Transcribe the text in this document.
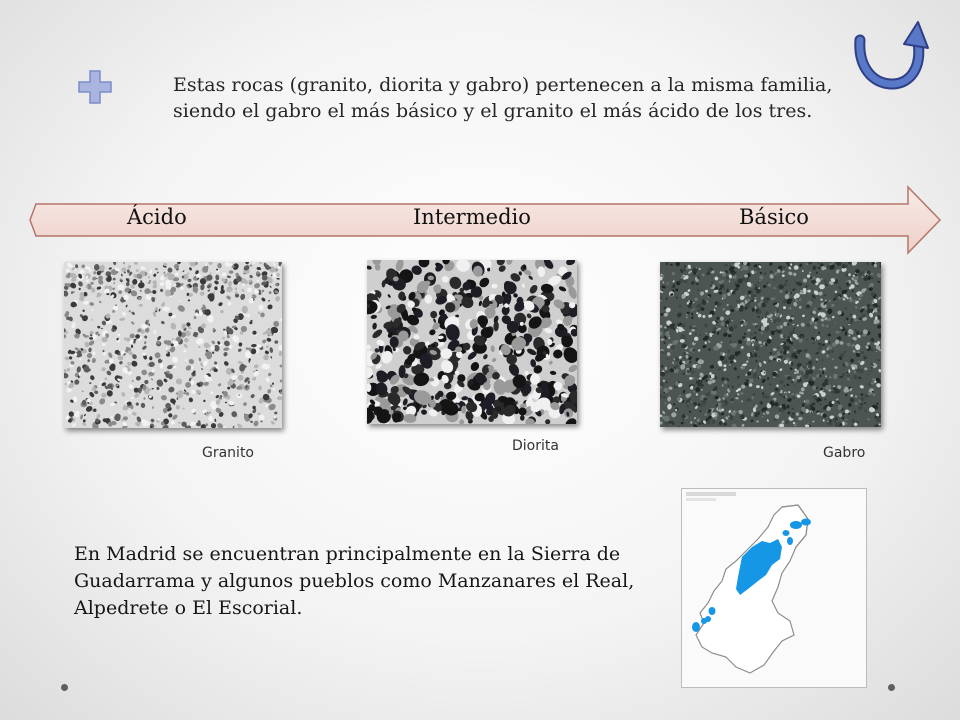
Estas rocas (granito, diorita y gabro) pertenecen a la misma familia, siendo el gabro el más básico y el granito el más ácido de los tres.
Ácido	Intermedio	Básico
Granito	Diorita	Gabro
En Madrid se encuentran principalmente en la Sierra de Guadarrama y algunos pueblos como Manzanares el Real, Alpedrete o El Escorial.
